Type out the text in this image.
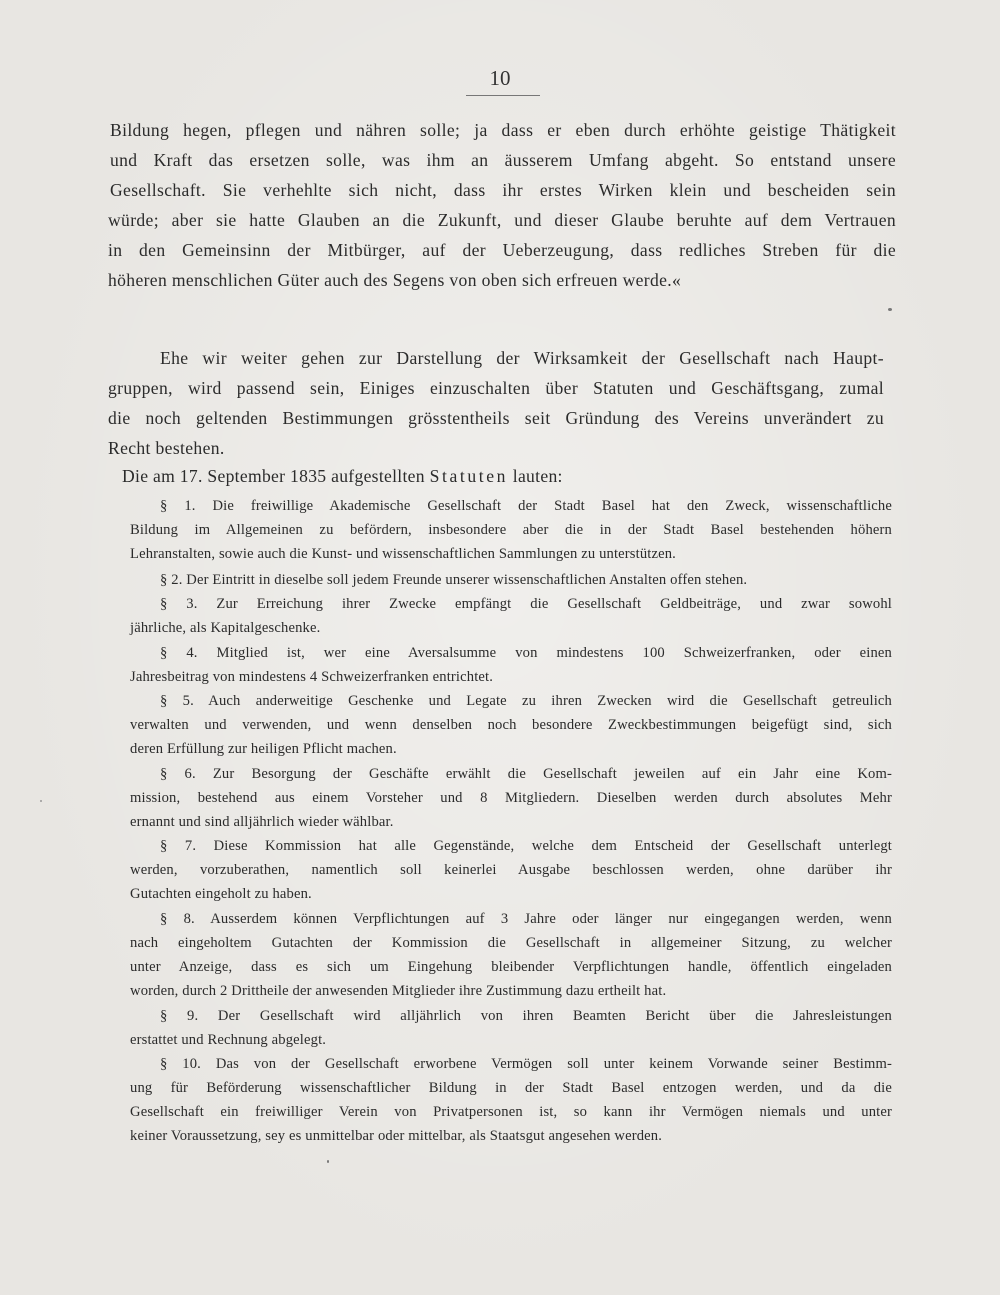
10
Bildung hegen, pflegen und nähren solle; ja dass er eben durch erhöhte geistige Thätigkeit
und Kraft das ersetzen solle, was ihm an äusserem Umfang abgeht. So entstand unsere
Gesellschaft. Sie verhehlte sich nicht, dass ihr erstes Wirken klein und bescheiden sein
würde; aber sie hatte Glauben an die Zukunft, und dieser Glaube beruhte auf dem Vertrauen
in den Gemeinsinn der Mitbürger, auf der Ueberzeugung, dass redliches Streben für die
höheren menschlichen Güter auch des Segens von oben sich erfreuen werde.«
Ehe wir weiter gehen zur Darstellung der Wirksamkeit der Gesellschaft nach Haupt-
gruppen, wird passend sein, Einiges einzuschalten über Statuten und Geschäftsgang, zumal
die noch geltenden Bestimmungen grösstentheils seit Gründung des Vereins unverändert zu
Recht bestehen.
Die am 17. September 1835 aufgestellten Statuten lauten:
§ 1. Die freiwillige Akademische Gesellschaft der Stadt Basel hat den Zweck, wissenschaftliche
Bildung im Allgemeinen zu befördern, insbesondere aber die in der Stadt Basel bestehenden höhern
Lehranstalten, sowie auch die Kunst- und wissenschaftlichen Sammlungen zu unterstützen.
§ 2. Der Eintritt in dieselbe soll jedem Freunde unserer wissenschaftlichen Anstalten offen stehen.
§ 3. Zur Erreichung ihrer Zwecke empfängt die Gesellschaft Geldbeiträge, und zwar sowohl
jährliche, als Kapitalgeschenke.
§ 4. Mitglied ist, wer eine Aversalsumme von mindestens 100 Schweizerfranken, oder einen
Jahresbeitrag von mindestens 4 Schweizerfranken entrichtet.
§ 5. Auch anderweitige Geschenke und Legate zu ihren Zwecken wird die Gesellschaft getreulich
verwalten und verwenden, und wenn denselben noch besondere Zweckbestimmungen beigefügt sind, sich
deren Erfüllung zur heiligen Pflicht machen.
§ 6. Zur Besorgung der Geschäfte erwählt die Gesellschaft jeweilen auf ein Jahr eine Kom-
mission, bestehend aus einem Vorsteher und 8 Mitgliedern. Dieselben werden durch absolutes Mehr
ernannt und sind alljährlich wieder wählbar.
§ 7. Diese Kommission hat alle Gegenstände, welche dem Entscheid der Gesellschaft unterlegt
werden, vorzuberathen, namentlich soll keinerlei Ausgabe beschlossen werden, ohne darüber ihr
Gutachten eingeholt zu haben.
§ 8. Ausserdem können Verpflichtungen auf 3 Jahre oder länger nur eingegangen werden, wenn
nach eingeholtem Gutachten der Kommission die Gesellschaft in allgemeiner Sitzung, zu welcher
unter Anzeige, dass es sich um Eingehung bleibender Verpflichtungen handle, öffentlich eingeladen
worden, durch 2 Drittheile der anwesenden Mitglieder ihre Zustimmung dazu ertheilt hat.
§ 9. Der Gesellschaft wird alljährlich von ihren Beamten Bericht über die Jahresleistungen
erstattet und Rechnung abgelegt.
§ 10. Das von der Gesellschaft erworbene Vermögen soll unter keinem Vorwande seiner Bestimm-
ung für Beförderung wissenschaftlicher Bildung in der Stadt Basel entzogen werden, und da die
Gesellschaft ein freiwilliger Verein von Privatpersonen ist, so kann ihr Vermögen niemals und unter
keiner Voraussetzung, sey es unmittelbar oder mittelbar, als Staatsgut angesehen werden.
